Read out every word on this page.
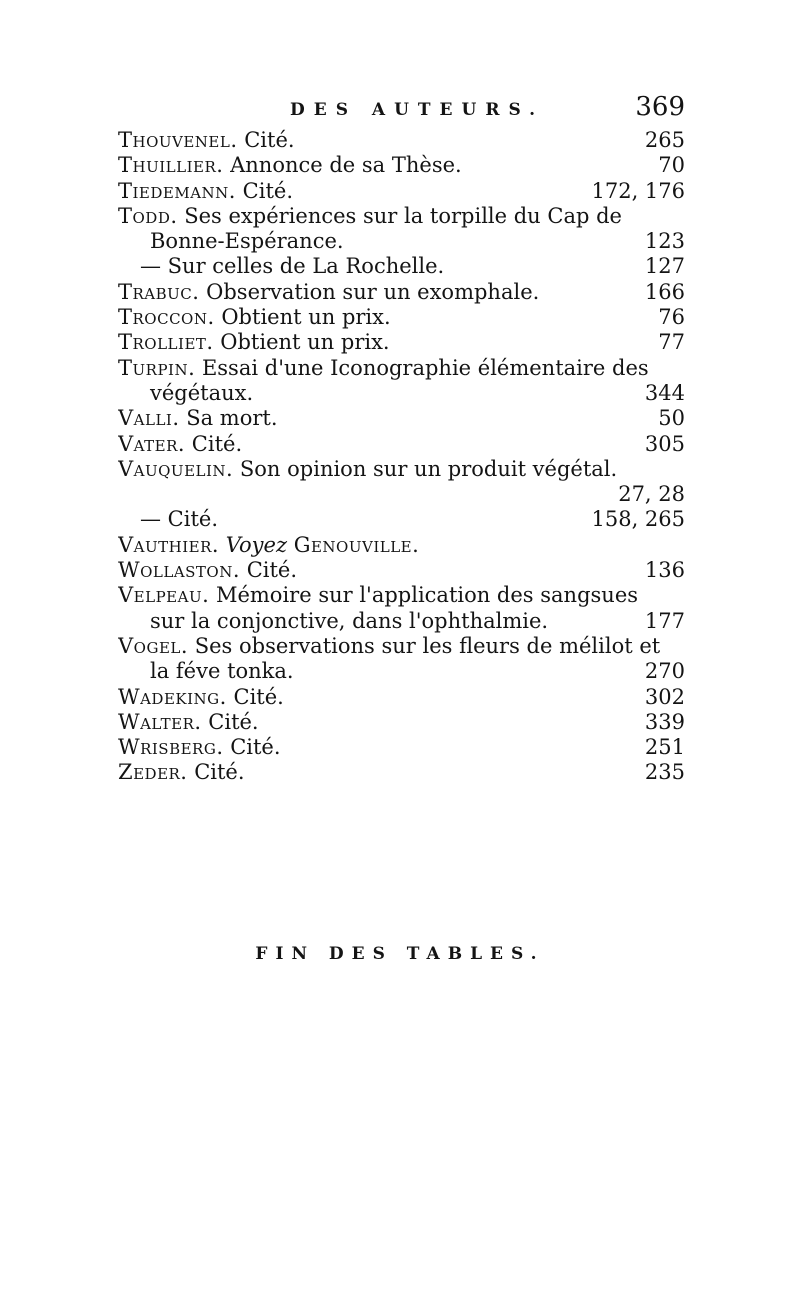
DES AUTEURS.	369
Thouvenel. Cité.	265
Thuillier. Annonce de sa Thèse.	70
Tiedemann. Cité.	172, 176
Todd. Ses expériences sur la torpille du Cap de
Bonne-Espérance.	123
— Sur celles de La Rochelle.	127
Trabuc. Observation sur un exomphale.	166
Troccon. Obtient un prix.	76
Trolliet. Obtient un prix.	77
Turpin. Essai d'une Iconographie élémentaire des
végétaux.	344
Valli. Sa mort.	50
Vater. Cité.	305
Vauquelin. Son opinion sur un produit végétal.
27, 28
— Cité.	158, 265
Vauthier. Voyez Genouville.
Wollaston. Cité.	136
Velpeau. Mémoire sur l'application des sangsues
sur la conjonctive, dans l'ophthalmie.	177
Vogel. Ses observations sur les fleurs de mélilot et
la féve tonka.	270
Wadeking. Cité.	302
Walter. Cité.	339
Wrisberg. Cité.	251
Zeder. Cité.	235
FIN DES TABLES.
